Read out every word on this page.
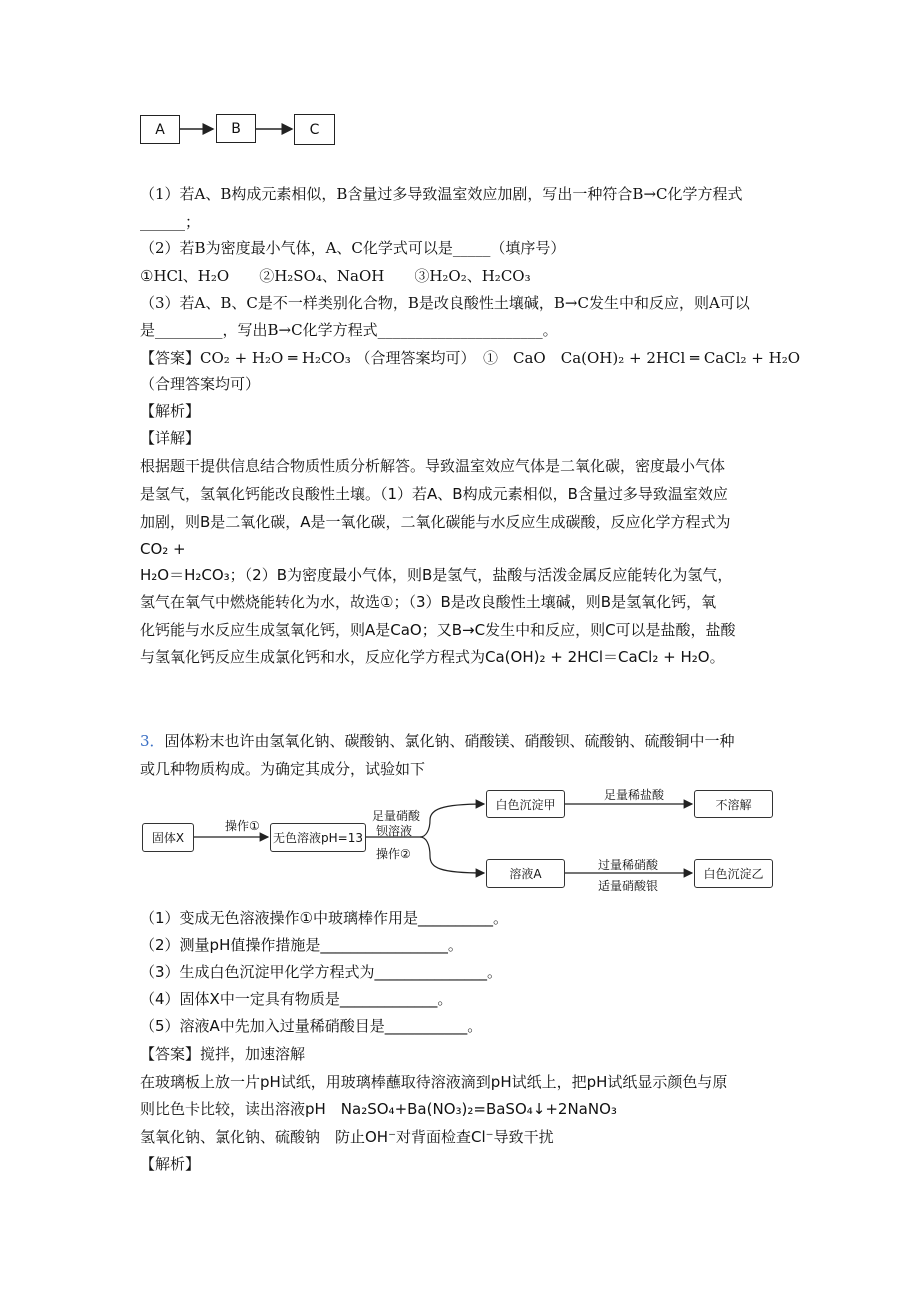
A	B	C
（1）若A、B构成元素相似，B含量过多导致温室效应加剧，写出一种符合B→C化学方程式
______；
（2）若B为密度最小气体，A、C化学式可以是_____（填序号）
①HCl、H₂O　　②H₂SO₄、NaOH　　③H₂O₂、H₂CO₃
（3）若A、B、C是不一样类别化合物，B是改良酸性土壤碱，B→C发生中和反应，则A可以
是_________，写出B→C化学方程式______________________。
【答案】CO₂ + H₂O ═ H₂CO₃ （合理答案均可）　①　CaO　Ca(OH)₂ + 2HCl ═ CaCl₂ + H₂O
（合理答案均可）
【解析】
【详解】
根据题干提供信息结合物质性质分析解答。导致温室效应气体是二氧化碳，密度最小气体
是氢气，氢氧化钙能改良酸性土壤。（1）若A、B构成元素相似，B含量过多导致温室效应
加剧，则B是二氧化碳，A是一氧化碳，二氧化碳能与水反应生成碳酸，反应化学方程式为
CO₂ +
H₂O＝H₂CO₃；（2）B为密度最小气体，则B是氢气，盐酸与活泼金属反应能转化为氢气，
氢气在氧气中燃烧能转化为水，故选①；（3）B是改良酸性土壤碱，则B是氢氧化钙，氧
化钙能与水反应生成氢氧化钙，则A是CaO；又B→C发生中和反应，则C可以是盐酸，盐酸
与氢氧化钙反应生成氯化钙和水，反应化学方程式为Ca(OH)₂ + 2HCl＝CaCl₂ + H₂O。
3．固体粉末也许由氢氧化钠、碳酸钠、氯化钠、硝酸镁、硝酸钡、硫酸钠、硫酸铜中一种
或几种物质构成。为确定其成分，试验如下
固体X
操作①
无色溶液pH=13
足量硝酸
钡溶液
操作②
白色沉淀甲
足量稀盐酸
不溶解
溶液A
过量稀硝酸
适量硝酸银
白色沉淀乙
（1）变成无色溶液操作①中玻璃棒作用是__________。
（2）测量pH值操作措施是_________________。
（3）生成白色沉淀甲化学方程式为_______________。
（4）固体X中一定具有物质是_____________。
（5）溶液A中先加入过量稀硝酸目是___________。
【答案】搅拌，加速溶解
在玻璃板上放一片pH试纸，用玻璃棒蘸取待溶液滴到pH试纸上，把pH试纸显示颜色与原
则比色卡比较，读出溶液pH　Na₂SO₄+Ba(NO₃)₂=BaSO₄↓+2NaNO₃
氢氧化钠、氯化钠、硫酸钠　防止OH⁻对背面检查Cl⁻导致干扰
【解析】
